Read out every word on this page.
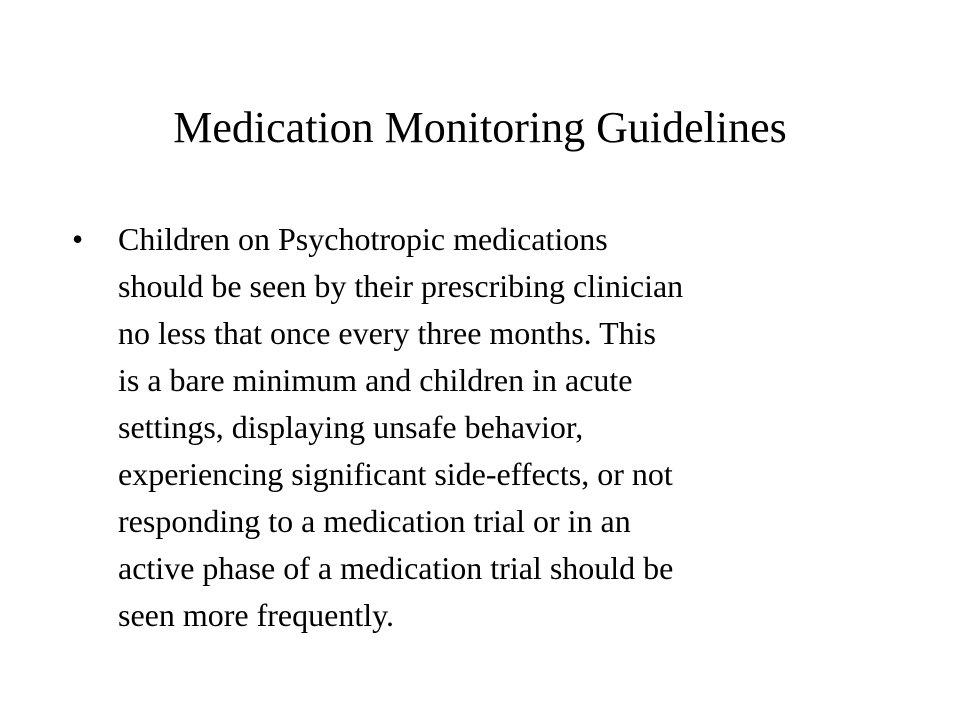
Medication Monitoring Guidelines
• Children on Psychotropic medications
should be seen by their prescribing clinician
no less that once every three months. This
is a bare minimum and children in acute
settings, displaying unsafe behavior,
experiencing significant side-effects, or not
responding to a medication trial or in an
active phase of a medication trial should be
seen more frequently.
